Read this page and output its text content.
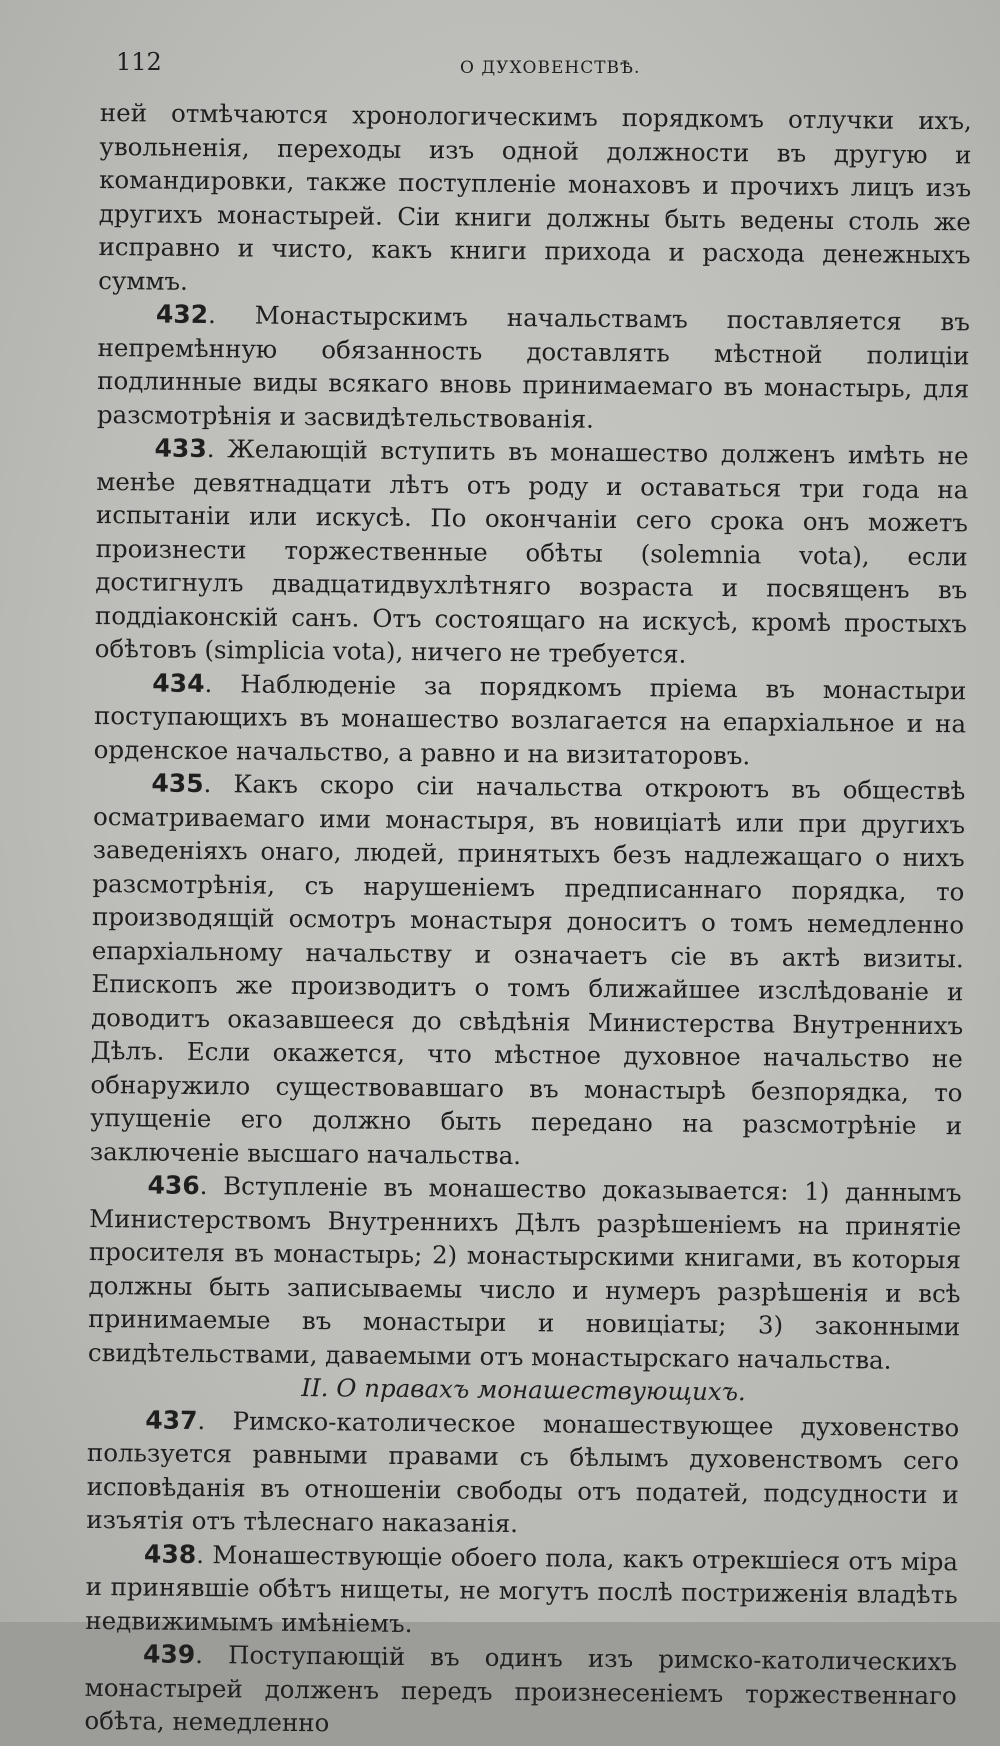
112	О ДУХОВЕНСТВѢ.

ней отмѣчаются хронологическимъ порядкомъ отлучки ихъ, увольненія, переходы изъ одной должности въ другую и командировки, также поступленіе монаховъ и прочихъ лицъ изъ другихъ монастырей. Сіи книги должны быть ведены столь же исправно и чисто, какъ книги прихода и расхода денежныхъ суммъ.

432. Монастырскимъ начальствамъ поставляется въ непремѣнную обязанность доставлять мѣстной полиціи подлинные виды всякаго вновь принимаемаго въ монастырь, для разсмотрѣнія и засвидѣтельствованія.

433. Желающій вступить въ монашество долженъ имѣть не менѣе девятнадцати лѣтъ отъ роду и оставаться три года на испытаніи или искусѣ. По окончаніи сего срока онъ можетъ произнести торжественные обѣты (solemnia vota), если достигнулъ двадцатидвухлѣтняго возраста и посвященъ въ поддіаконскій санъ. Отъ состоящаго на искусѣ, кромѣ простыхъ обѣтовъ (simplicia vota), ничего не требуется.

434. Наблюденіе за порядкомъ пріема въ монастыри поступающихъ въ монашество возлагается на епархіальное и на орденское начальство, а равно и на визитаторовъ.

435. Какъ скоро сіи начальства откроютъ въ обществѣ осматриваемаго ими монастыря, въ новиціатѣ или при другихъ заведеніяхъ онаго, людей, принятыхъ безъ надлежащаго о нихъ разсмотрѣнія, съ нарушеніемъ предписаннаго порядка, то производящій осмотръ монастыря доноситъ о томъ немедленно епархіальному начальству и означаетъ сіе въ актѣ визиты. Епископъ же производитъ о томъ ближайшее изслѣдованіе и доводитъ оказавшееся до свѣдѣнія Министерства Внутреннихъ Дѣлъ. Если окажется, что мѣстное духовное начальство не обнаружило существовавшаго въ монастырѣ безпорядка, то упущеніе его должно быть передано на разсмотрѣніе и заключеніе высшаго начальства.

436. Вступленіе въ монашество доказывается: 1) даннымъ Министерствомъ Внутреннихъ Дѣлъ разрѣшеніемъ на принятіе просителя въ монастырь; 2) монастырскими книгами, въ которыя должны быть записываемы число и нумеръ разрѣшенія и всѣ принимаемые въ монастыри и новиціаты; 3) законными свидѣтельствами, даваемыми отъ монастырскаго начальства.

II. О правахъ монашествующихъ.

437. Римско-католическое монашествующее духовенство пользуется равными правами съ бѣлымъ духовенствомъ сего исповѣданія въ отношеніи свободы отъ податей, подсудности и изъятія отъ тѣлеснаго наказанія.

438. Монашествующіе обоего пола, какъ отрекшіеся отъ міра и принявшіе обѣтъ нищеты, не могутъ послѣ постриженія владѣть недвижимымъ имѣніемъ.

439. Поступающій въ одинъ изъ римско-католическихъ монастырей долженъ передъ произнесеніемъ торжественнаго обѣта, немедленно
